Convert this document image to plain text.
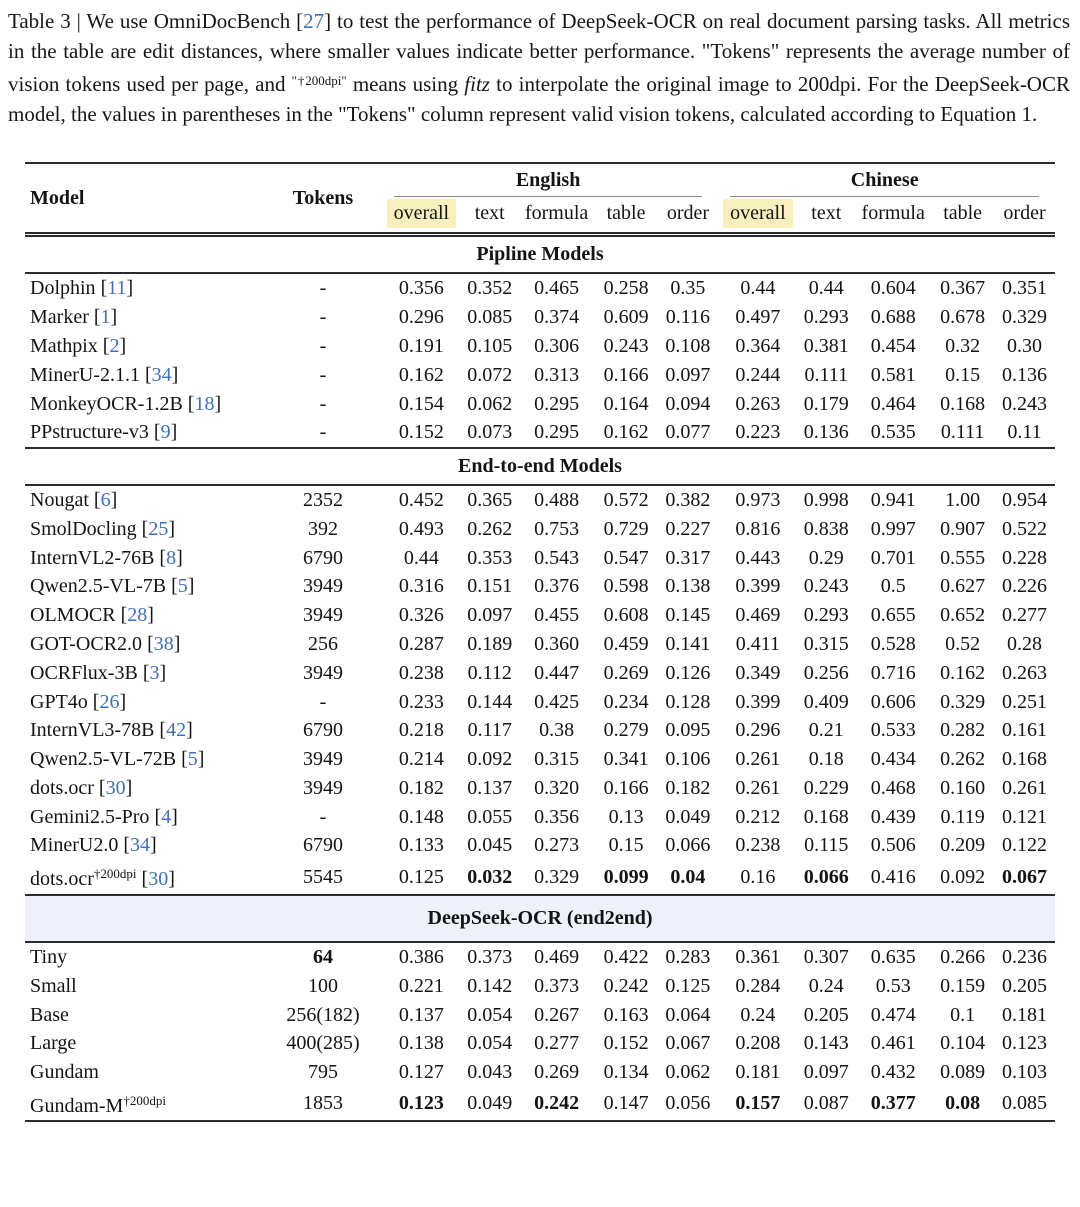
Table 3 | We use OmniDocBench [27] to test the performance of DeepSeek-OCR on real document parsing tasks. All metrics in the table are edit distances, where smaller values indicate better performance. "Tokens" represents the average number of vision tokens used per page, and $^{"\dagger 200dpi"}$ means using fitz to interpolate the original image to 200dpi. For the DeepSeek-OCR model, the values in parentheses in the "Tokens" column represent valid vision tokens, calculated according to Equation 1.

Model	Tokens	English					Chinese				

		overall	text	formula	table	order	overall	text	formula	table	order
Pipline Models											
Dolphin [11]	-	0.356	0.352	0.465	0.258	0.35	0.44	0.44	0.604	0.367	0.351
Marker [1]	-	0.296	0.085	0.374	0.609	0.116	0.497	0.293	0.688	0.678	0.329
Mathpix [2]	-	0.191	0.105	0.306	0.243	0.108	0.364	0.381	0.454	0.32	0.30
MinerU-2.1.1 [34]	-	0.162	0.072	0.313	0.166	0.097	0.244	0.111	0.581	0.15	0.136
MonkeyOCR-1.2B [18]	-	0.154	0.062	0.295	0.164	0.094	0.263	0.179	0.464	0.168	0.243
PPstructure-v3 [9]	-	0.152	0.073	0.295	0.162	0.077	0.223	0.136	0.535	0.111	0.11
End-to-end Models											
Nougat [6]	2352	0.452	0.365	0.488	0.572	0.382	0.973	0.998	0.941	1.00	0.954
SmolDocling [25]	392	0.493	0.262	0.753	0.729	0.227	0.816	0.838	0.997	0.907	0.522
InternVL2-76B [8]	6790	0.44	0.353	0.543	0.547	0.317	0.443	0.29	0.701	0.555	0.228
Qwen2.5-VL-7B [5]	3949	0.316	0.151	0.376	0.598	0.138	0.399	0.243	0.5	0.627	0.226
OLMOCR [28]	3949	0.326	0.097	0.455	0.608	0.145	0.469	0.293	0.655	0.652	0.277
GOT-OCR2.0 [38]	256	0.287	0.189	0.360	0.459	0.141	0.411	0.315	0.528	0.52	0.28
OCRFlux-3B [3]	3949	0.238	0.112	0.447	0.269	0.126	0.349	0.256	0.716	0.162	0.263
GPT4o [26]	-	0.233	0.144	0.425	0.234	0.128	0.399	0.409	0.606	0.329	0.251
InternVL3-78B [42]	6790	0.218	0.117	0.38	0.279	0.095	0.296	0.21	0.533	0.282	0.161
Qwen2.5-VL-72B [5]	3949	0.214	0.092	0.315	0.341	0.106	0.261	0.18	0.434	0.262	0.168
dots.ocr [30]	3949	0.182	0.137	0.320	0.166	0.182	0.261	0.229	0.468	0.160	0.261
Gemini2.5-Pro [4]	-	0.148	0.055	0.356	0.13	0.049	0.212	0.168	0.439	0.119	0.121
MinerU2.0 [34]	6790	0.133	0.045	0.273	0.15	0.066	0.238	0.115	0.506	0.209	0.122
dots.ocr$^{\dagger 200dpi}$ [30]	5545	0.125	0.032	0.329	0.099	0.04	0.16	0.066	0.416	0.092	0.067
DeepSeek-OCR (end2end)											
Tiny	64	0.386	0.373	0.469	0.422	0.283	0.361	0.307	0.635	0.266	0.236
Small	100	0.221	0.142	0.373	0.242	0.125	0.284	0.24	0.53	0.159	0.205
Base	256(182)	0.137	0.054	0.267	0.163	0.064	0.24	0.205	0.474	0.1	0.181
Large	400(285)	0.138	0.054	0.277	0.152	0.067	0.208	0.143	0.461	0.104	0.123
Gundam	795	0.127	0.043	0.269	0.134	0.062	0.181	0.097	0.432	0.089	0.103
Gundam-$M^{\dagger 200dpi}$	1853	0.123	0.049	0.242	0.147	0.056	0.157	0.087	0.377	0.08	0.085
